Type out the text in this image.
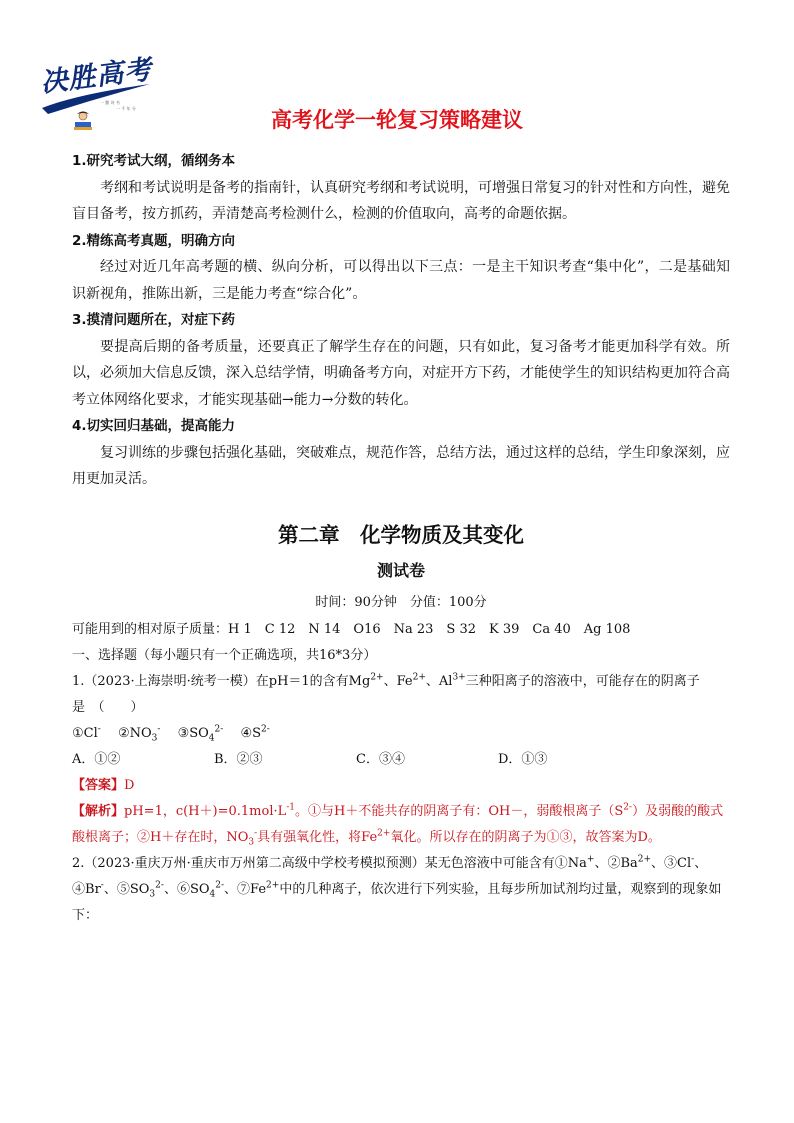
决胜高考
一 勤 诗 书
一 千 年 分	高考化学一轮复习策略建议

1.研究考试大纲，循纲务本

考纲和考试说明是备考的指南针，认真研究考纲和考试说明，可增强日常复习的针对性和方向性，避免盲目备考，按方抓药，弄清楚高考检测什么，检测的价值取向，高考的命题依据。

2.精练高考真题，明确方向

经过对近几年高考题的横、纵向分析，可以得出以下三点：一是主干知识考查“集中化”，二是基础知识新视角，推陈出新，三是能力考查“综合化”。

3.摸清问题所在，对症下药

要提高后期的备考质量，还要真正了解学生存在的问题，只有如此，复习备考才能更加科学有效。所以，必须加大信息反馈，深入总结学情，明确备考方向，对症开方下药，才能使学生的知识结构更加符合高考立体网络化要求，才能实现基础→能力→分数的转化。

4.切实回归基础，提高能力

复习训练的步骤包括强化基础，突破难点，规范作答，总结方法，通过这样的总结，学生印象深刻，应用更加灵活。

第二章　化学物质及其变化

测试卷

时间：90分钟　分值：100分

可能用到的相对原子质量：H 1　C 12　N 14　O16　Na 23　S 32　K 39　Ca 40　Ag 108

一、选择题（每小题只有一个正确选项，共16*3分）

1.（2023·上海崇明·统考一模）在pH＝1的含有$Mg^{2+}$、$Fe^{2+}$、$Al^{3+}$三种阳离子的溶液中，可能存在的阴离子

是　（　　）

①Cl-　 $②NO_3^-$　 $③SO_4^{2-}$　 $④S^{2-}$

A．①②	B．②③	C．③④	D．①③

【答案】D

【解析】pH=1，$c(H+)=0.1mol\cdot L^{-1}$。①与H＋不能共存的阴离子有：OH－，弱酸根离子$(S^{2-})$及弱酸的酸式酸根离子；②H＋存在时，$NO_3^-$具有强氧化性，将$Fe^{2+}$氧化。所以存在的阴离子为①③，故答案为D。

2.（2023·重庆万州·重庆市万州第二高级中学校考模拟预测）某无色溶液中可能含有①Na+、$②Ba^{2+}$、③Cl-、④Br-、$⑤SO_3^{2-}$、$⑥SO_4^{2-}$、$⑦Fe^{2+}$中的几种离子，依次进行下列实验，且每步所加试剂均过量，观察到的现象如下：
